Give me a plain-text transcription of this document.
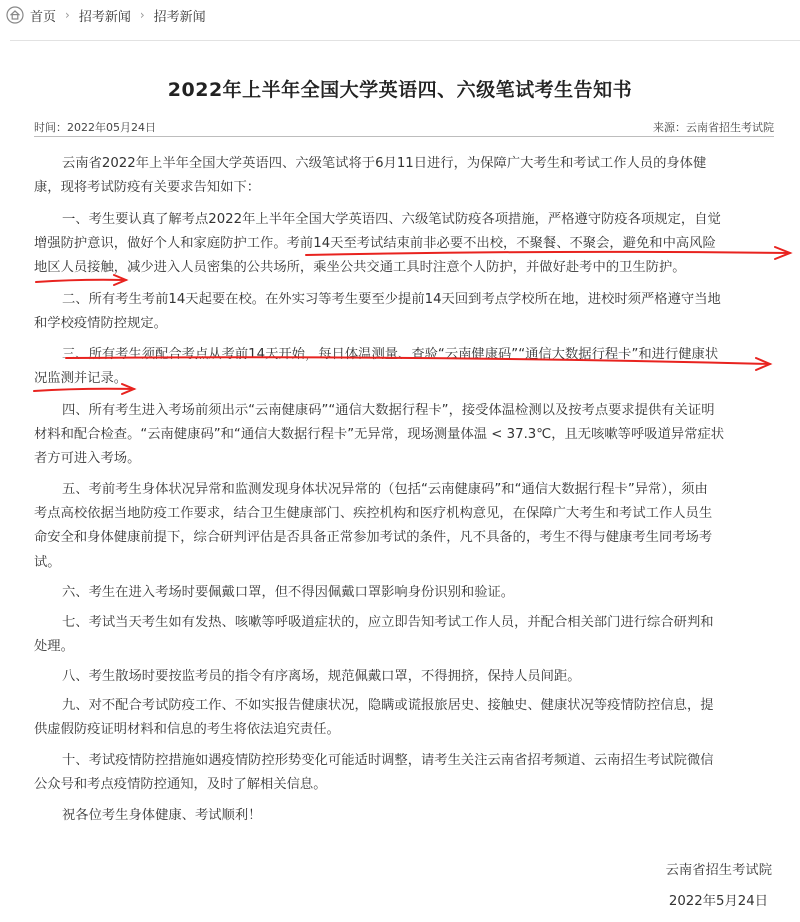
首页 › 招考新闻 › 招考新闻
2022年上半年全国大学英语四、六级笔试考生告知书
时间：2022年05月24日	来源：云南省招生考试院
云南省2022年上半年全国大学英语四、六级笔试将于6月11日进行，为保障广大考生和考试工作人员的身体健
康，现将考试防疫有关要求告知如下：
一、考生要认真了解考点2022年上半年全国大学英语四、六级笔试防疫各项措施，严格遵守防疫各项规定，自觉
增强防护意识，做好个人和家庭防护工作。考前14天至考试结束前非必要不出校，不聚餐、不聚会，避免和中高风险
地区人员接触，减少进入人员密集的公共场所，乘坐公共交通工具时注意个人防护，并做好赴考中的卫生防护。
二、所有考生考前14天起要在校。在外实习等考生要至少提前14天回到考点学校所在地，进校时须严格遵守当地
和学校疫情防控规定。
三、所有考生须配合考点从考前14天开始，每日体温测量、查验“云南健康码”“通信大数据行程卡”和进行健康状
况监测并记录。
四、所有考生进入考场前须出示“云南健康码”“通信大数据行程卡”，接受体温检测以及按考点要求提供有关证明
材料和配合检查。“云南健康码”和“通信大数据行程卡”无异常，现场测量体温 < 37.3℃，且无咳嗽等呼吸道异常症状
者方可进入考场。
五、考前考生身体状况异常和监测发现身体状况异常的（包括“云南健康码”和“通信大数据行程卡”异常），须由
考点高校依据当地防疫工作要求，结合卫生健康部门、疾控机构和医疗机构意见，在保障广大考生和考试工作人员生
命安全和身体健康前提下，综合研判评估是否具备正常参加考试的条件，凡不具备的，考生不得与健康考生同考场考
试。
六、考生在进入考场时要佩戴口罩，但不得因佩戴口罩影响身份识别和验证。
七、考试当天考生如有发热、咳嗽等呼吸道症状的，应立即告知考试工作人员，并配合相关部门进行综合研判和
处理。
八、考生散场时要按监考员的指令有序离场，规范佩戴口罩，不得拥挤，保持人员间距。
九、对不配合考试防疫工作、不如实报告健康状况，隐瞒或谎报旅居史、接触史、健康状况等疫情防控信息，提
供虚假防疫证明材料和信息的考生将依法追究责任。
十、考试疫情防控措施如遇疫情防控形势变化可能适时调整，请考生关注云南省招考频道、云南招生考试院微信
公众号和考点疫情防控通知，及时了解相关信息。
祝各位考生身体健康、考试顺利！
云南省招生考试院
2022年5月24日
